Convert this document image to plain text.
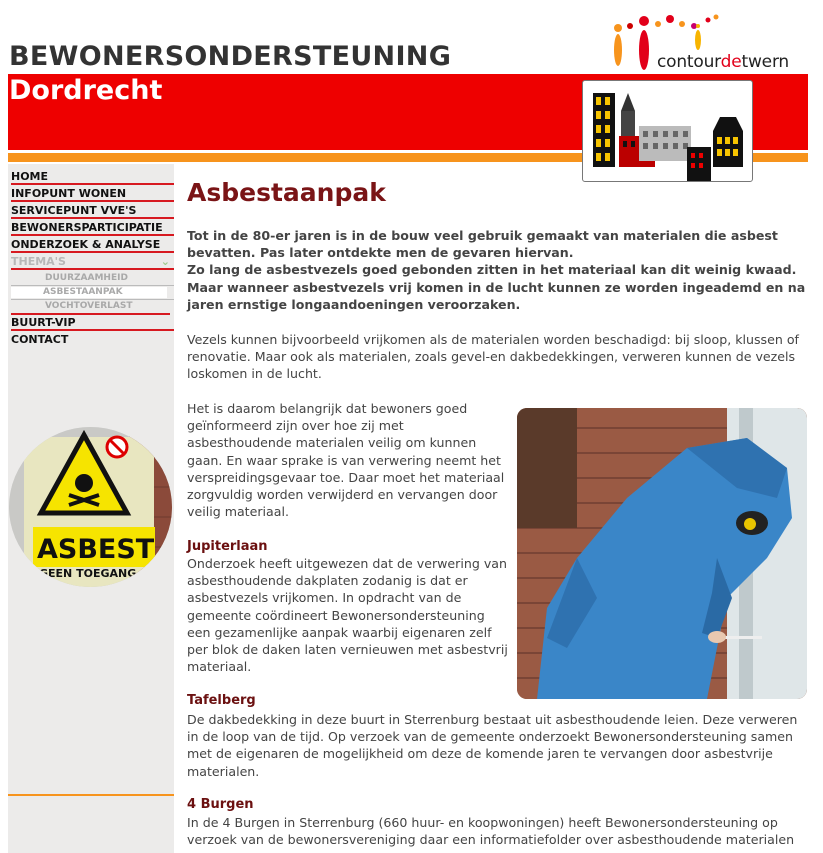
BEWONERSONDERSTEUNING
Dordrecht
contourdetwern
HOME
INFOPUNT WONEN
SERVICEPUNT VVE'S
BEWONERSPARTICIPATIE
ONDERZOEK & ANALYSE
THEMA'S	⌄
DUURZAAMHEID
ASBESTAANPAK
VOCHTOVERLAST
BUURT-VIP
CONTACT
ASBEST
GEEN TOEGANG
Asbestaanpak

Tot in de 80-er jaren is in de bouw veel gebruik gemaakt van materialen die asbest
bevatten. Pas later ontdekte men de gevaren hiervan.
Zo lang de asbestvezels goed gebonden zitten in het materiaal kan dit weinig kwaad.
Maar wanneer asbestvezels vrij komen in de lucht kunnen ze worden ingeademd en na
jaren ernstige longaandoeningen veroorzaken.

Vezels kunnen bijvoorbeeld vrijkomen als de materialen worden beschadigd: bij sloop, klussen of
renovatie. Maar ook als materialen, zoals gevel-en dakbedekkingen, verweren kunnen de vezels
loskomen in de lucht.

Het is daarom belangrijk dat bewoners goed
geïnformeerd zijn over hoe zij met
asbesthoudende materialen veilig om kunnen
gaan. En waar sprake is van verwering neemt het
verspreidingsgevaar toe. Daar moet het materiaal
zorgvuldig worden verwijderd en vervangen door
veilig materiaal.

Jupiterlaan

Onderzoek heeft uitgewezen dat de verwering van
asbesthoudende dakplaten zodanig is dat er
asbestvezels vrijkomen. In opdracht van de
gemeente coördineert Bewonersondersteuning
een gezamenlijke aanpak waarbij eigenaren zelf
per blok de daken laten vernieuwen met asbestvrij
materiaal.

Tafelberg

De dakbedekking in deze buurt in Sterrenburg bestaat uit asbesthoudende leien. Deze verweren
in de loop van de tijd. Op verzoek van de gemeente onderzoekt Bewonersondersteuning samen
met de eigenaren de mogelijkheid om deze de komende jaren te vervangen door asbestvrije
materialen.

4 Burgen

In de 4 Burgen in Sterrenburg (660 huur- en koopwoningen) heeft Bewonersondersteuning op
verzoek van de bewonersvereniging daar een informatiefolder over asbesthoudende materialen
